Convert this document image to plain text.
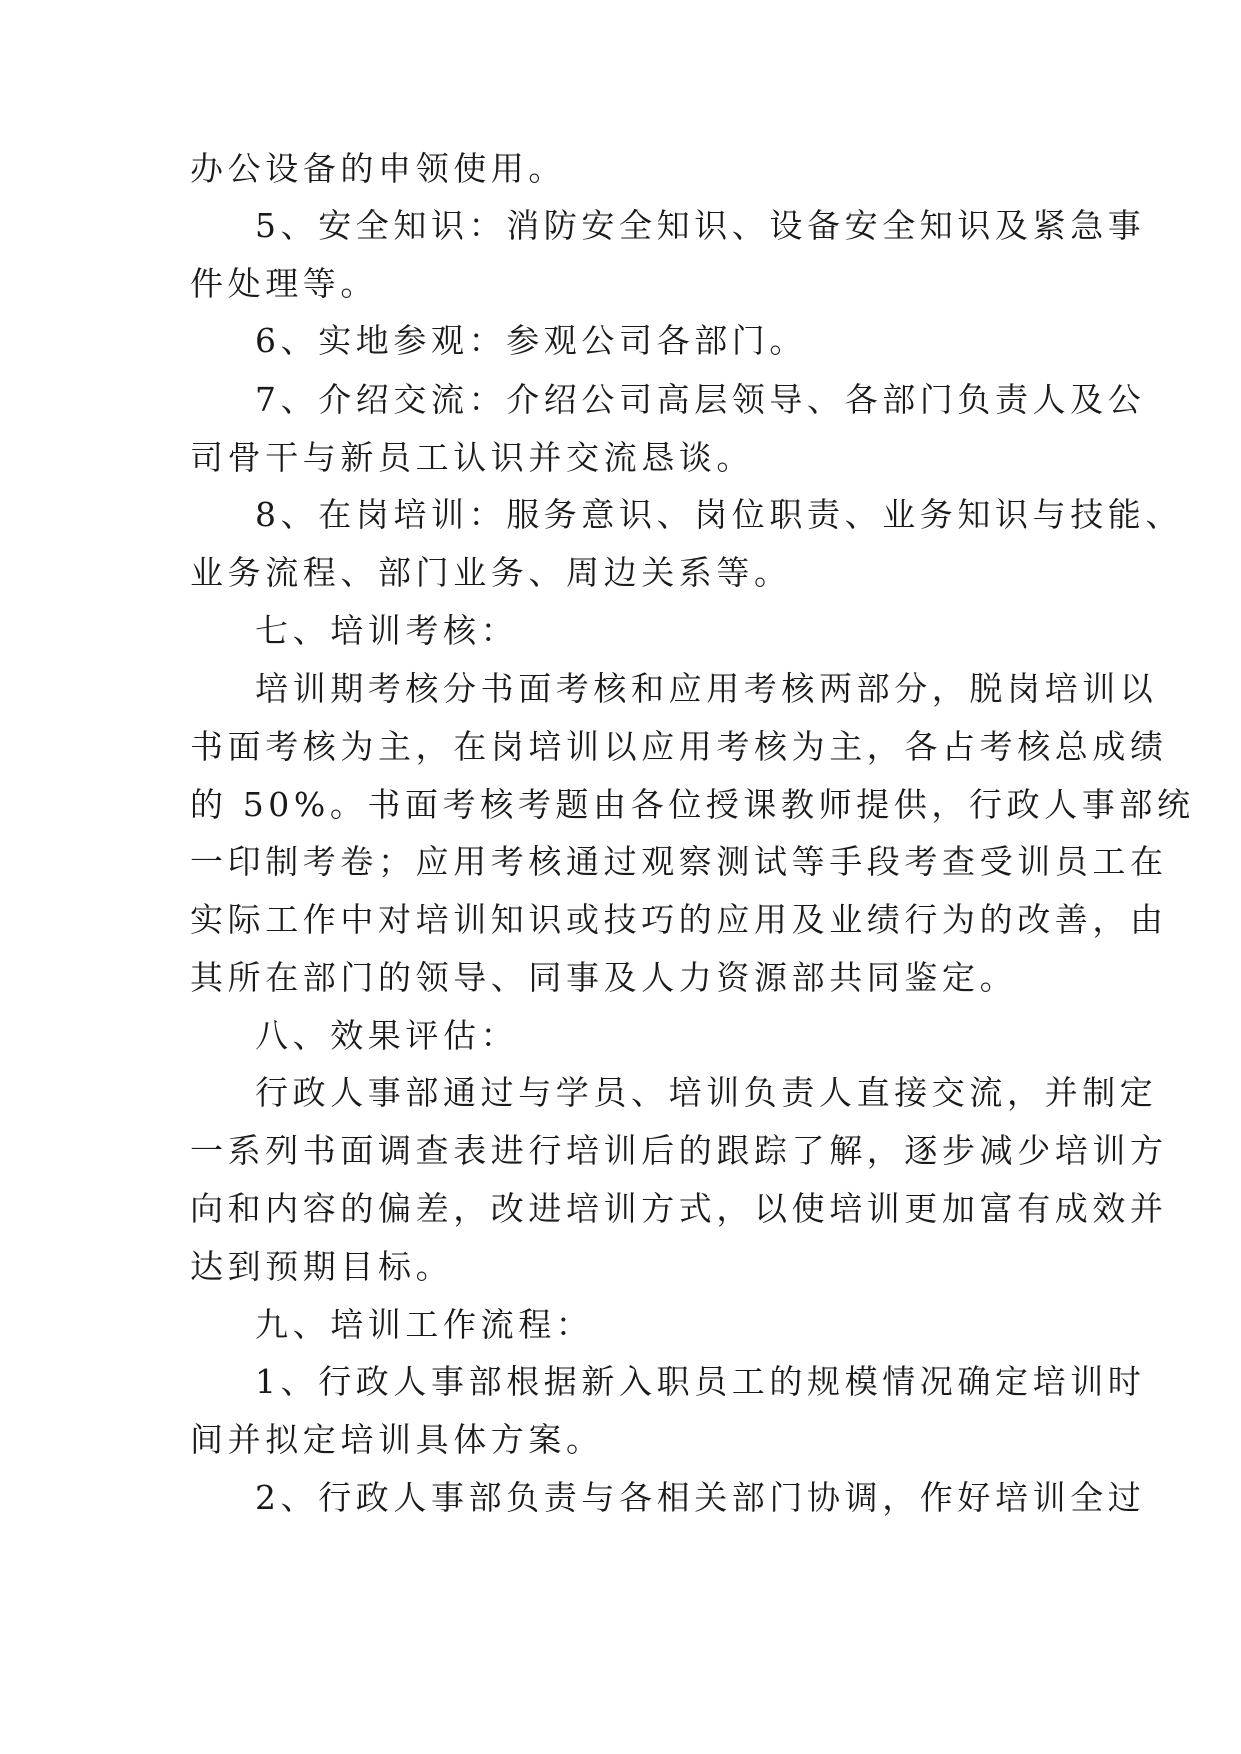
办公设备的申领使用。
5、安全知识：消防安全知识、设备安全知识及紧急事
件处理等。
6、实地参观：参观公司各部门。
7、介绍交流：介绍公司高层领导、各部门负责人及公
司骨干与新员工认识并交流恳谈。
8、在岗培训：服务意识、岗位职责、业务知识与技能、
业务流程、部门业务、周边关系等。
七、培训考核：
培训期考核分书面考核和应用考核两部分，脱岗培训以
书面考核为主，在岗培训以应用考核为主，各占考核总成绩
的 50%。书面考核考题由各位授课教师提供，行政人事部统
一印制考卷；应用考核通过观察测试等手段考查受训员工在
实际工作中对培训知识或技巧的应用及业绩行为的改善，由
其所在部门的领导、同事及人力资源部共同鉴定。
八、效果评估：
行政人事部通过与学员、培训负责人直接交流，并制定
一系列书面调查表进行培训后的跟踪了解，逐步减少培训方
向和内容的偏差，改进培训方式，以使培训更加富有成效并
达到预期目标。
九、培训工作流程：
1、行政人事部根据新入职员工的规模情况确定培训时
间并拟定培训具体方案。
2、行政人事部负责与各相关部门协调，作好培训全过
